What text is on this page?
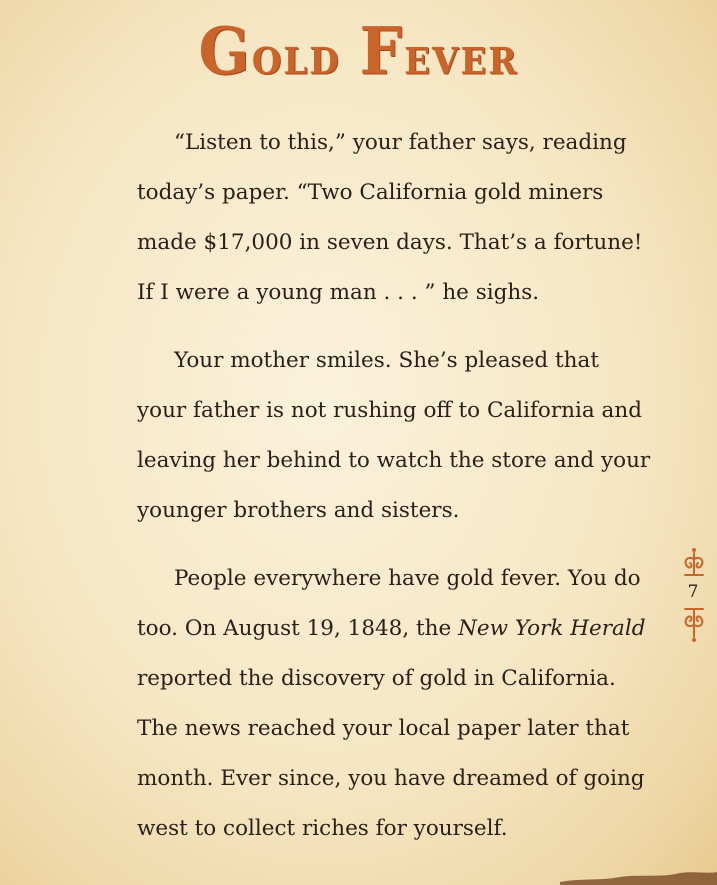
Gold Fever

“Listen to this,” your father says, reading
today’s paper. “Two California gold miners
made $17,000 in seven days. That’s a fortune!
If I were a young man . . . ” he sighs.

Your mother smiles. She’s pleased that
your father is not rushing off to California and
leaving her behind to watch the store and your
younger brothers and sisters.

People everywhere have gold fever. You do
too. On August 19, 1848, the New York Herald
reported the discovery of gold in California.
The news reached your local paper later that
month. Ever since, you have dreamed of going
west to collect riches for yourself.

7
